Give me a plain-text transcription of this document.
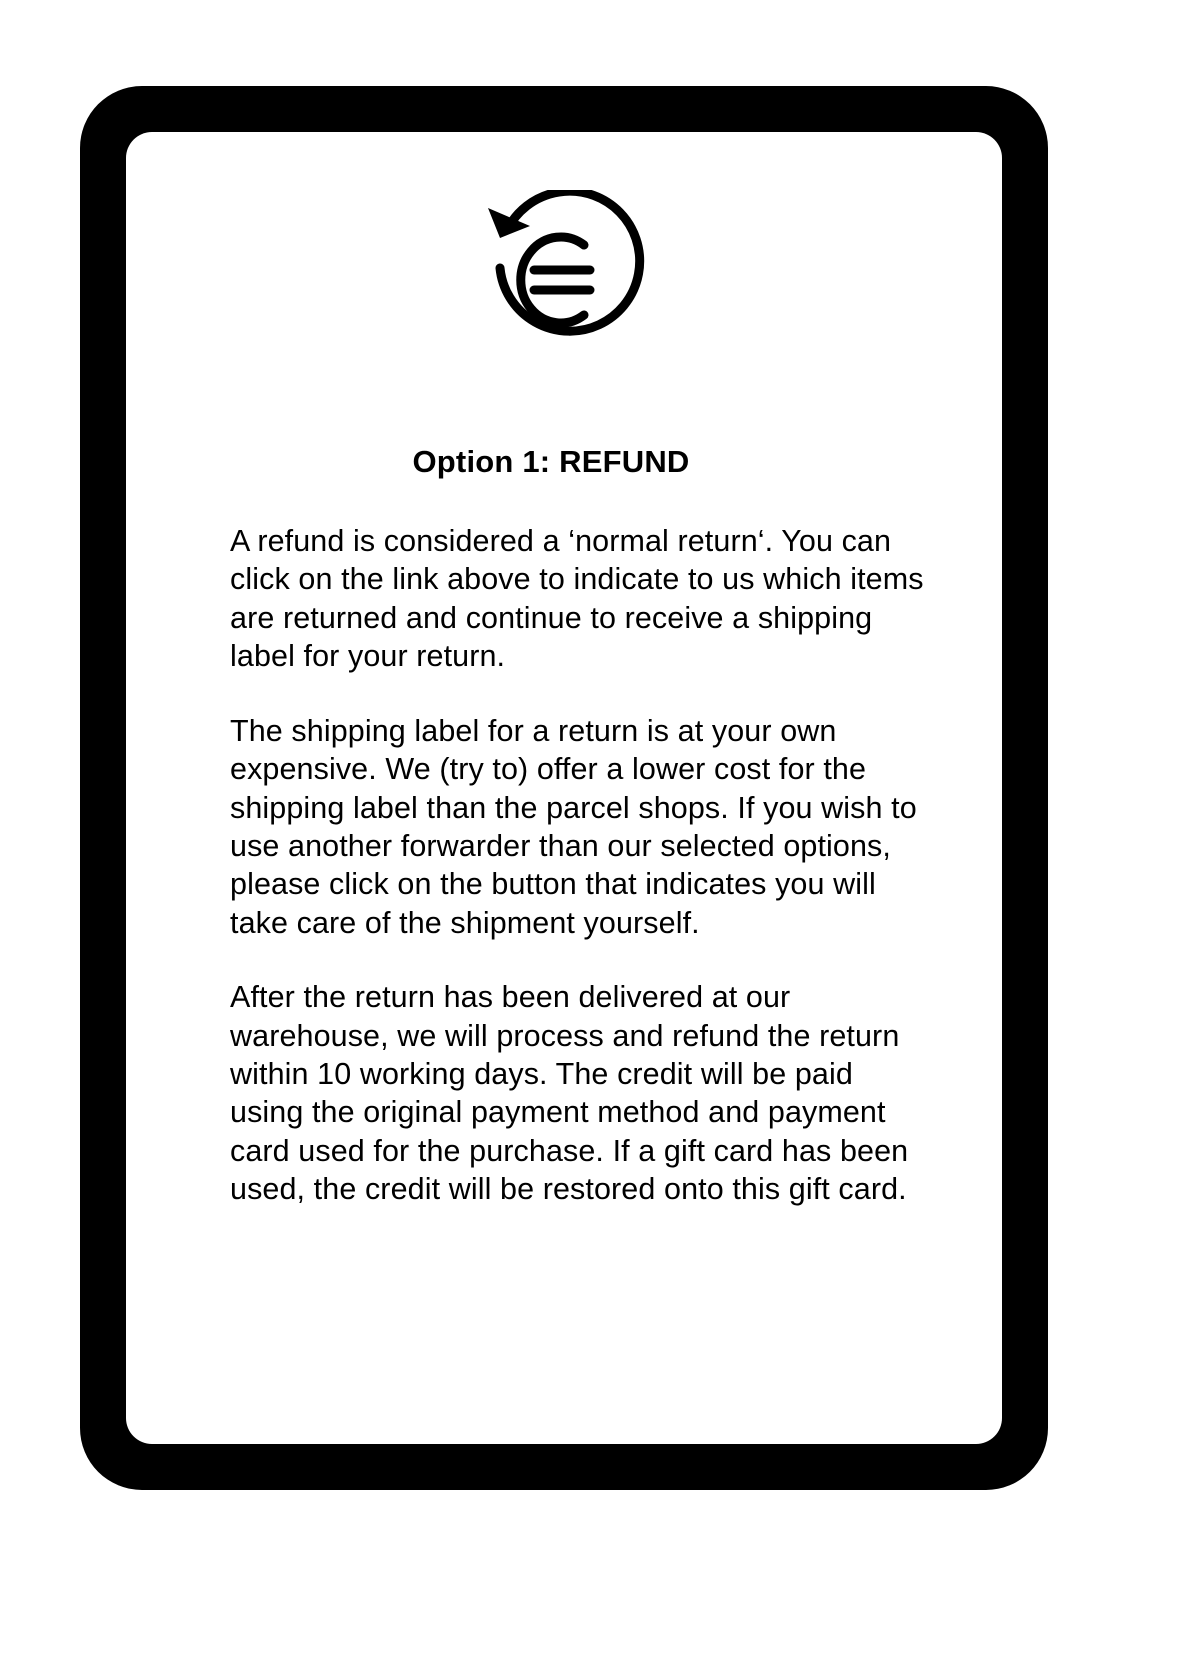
Option 1: REFUND

A refund is considered a ‘normal return‘. You can click on the link above to indicate to us which items are returned and continue to receive a shipping label for your return.

The shipping label for a return is at your own expensive. We (try to) offer a lower cost for the shipping label than the parcel shops. If you wish to use another forwarder than our selected options, please click on the button that indicates you will take care of the shipment yourself.

After the return has been delivered at our warehouse, we will process and refund the return within 10 working days. The credit will be paid using the original payment method and payment card used for the purchase. If a gift card has been used, the credit will be restored onto this gift card.
